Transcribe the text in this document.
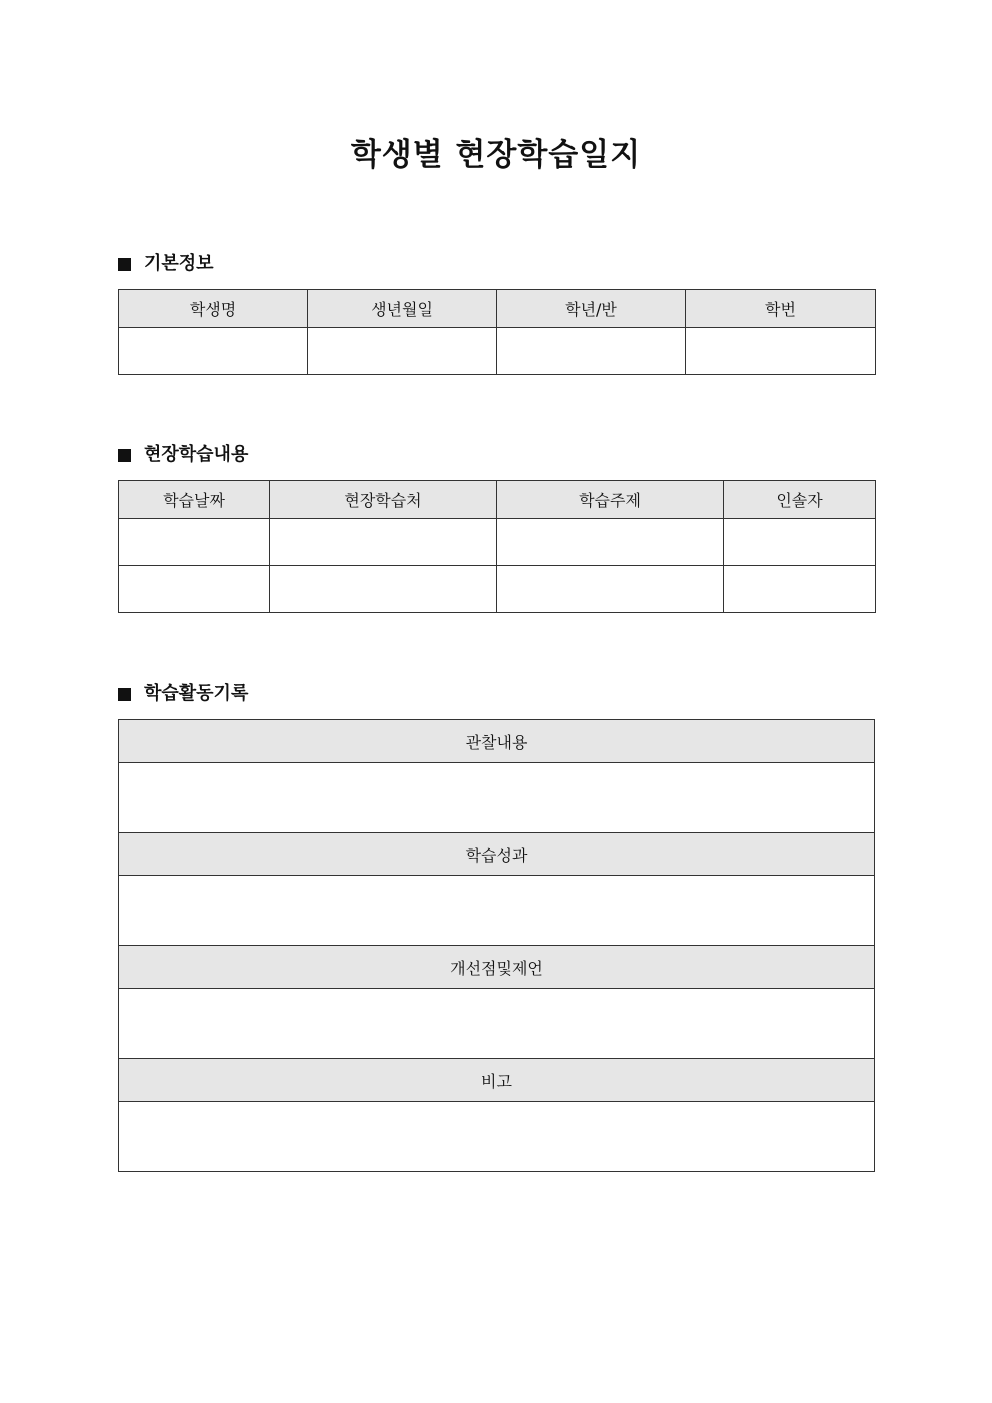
학생별 현장학습일지
기본정보
학생명	생년월일	학년/반	학번

현장학습내용
학습날짜	현장학습처	학습주제	인솔자

학습활동기록
관찰내용

학습성과

개선점및제언

비고
